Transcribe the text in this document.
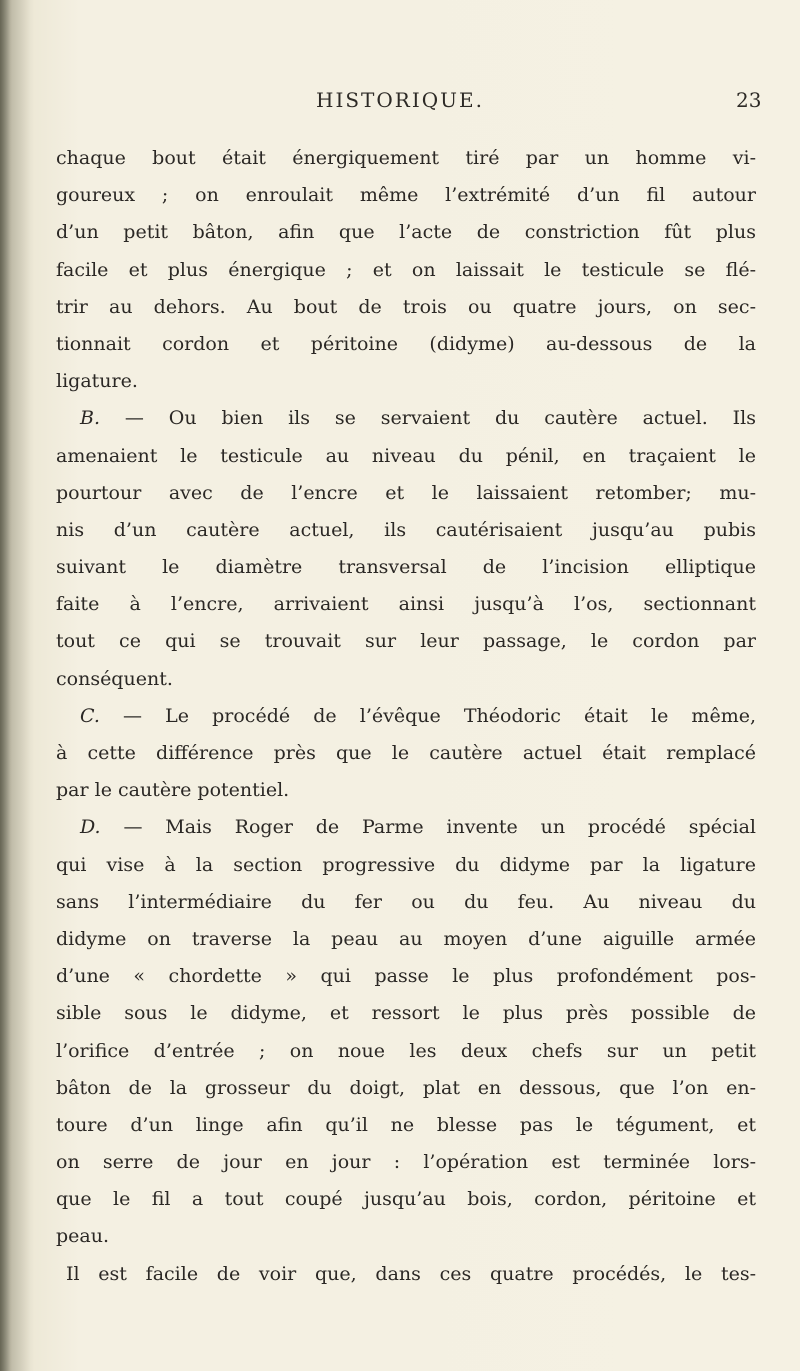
HISTORIQUE.	23
chaque bout était énergiquement tiré par un homme vi-
goureux ; on enroulait même l’extrémité d’un fil autour
d’un petit bâton, afin que l’acte de constriction fût plus
facile et plus énergique ; et on laissait le testicule se flé-
trir au dehors. Au bout de trois ou quatre jours, on sec-
tionnait cordon et péritoine (didyme) au-dessous de la
ligature.
B. — Ou bien ils se servaient du cautère actuel. Ils
amenaient le testicule au niveau du pénil, en traçaient le
pourtour avec de l’encre et le laissaient retomber; mu-
nis d’un cautère actuel, ils cautérisaient jusqu’au pubis
suivant le diamètre transversal de l’incision elliptique
faite à l’encre, arrivaient ainsi jusqu’à l’os, sectionnant
tout ce qui se trouvait sur leur passage, le cordon par
conséquent.
C. — Le procédé de l’évêque Théodoric était le même,
à cette différence près que le cautère actuel était remplacé
par le cautère potentiel.
D. — Mais Roger de Parme invente un procédé spécial
qui vise à la section progressive du didyme par la ligature
sans l’intermédiaire du fer ou du feu. Au niveau du
didyme on traverse la peau au moyen d’une aiguille armée
d’une « chordette » qui passe le plus profondément pos-
sible sous le didyme, et ressort le plus près possible de
l’orifice d’entrée ; on noue les deux chefs sur un petit
bâton de la grosseur du doigt, plat en dessous, que l’on en-
toure d’un linge afin qu’il ne blesse pas le tégument, et
on serre de jour en jour : l’opération est terminée lors-
que le fil a tout coupé jusqu’au bois, cordon, péritoine et
peau.
Il est facile de voir que, dans ces quatre procédés, le tes-
